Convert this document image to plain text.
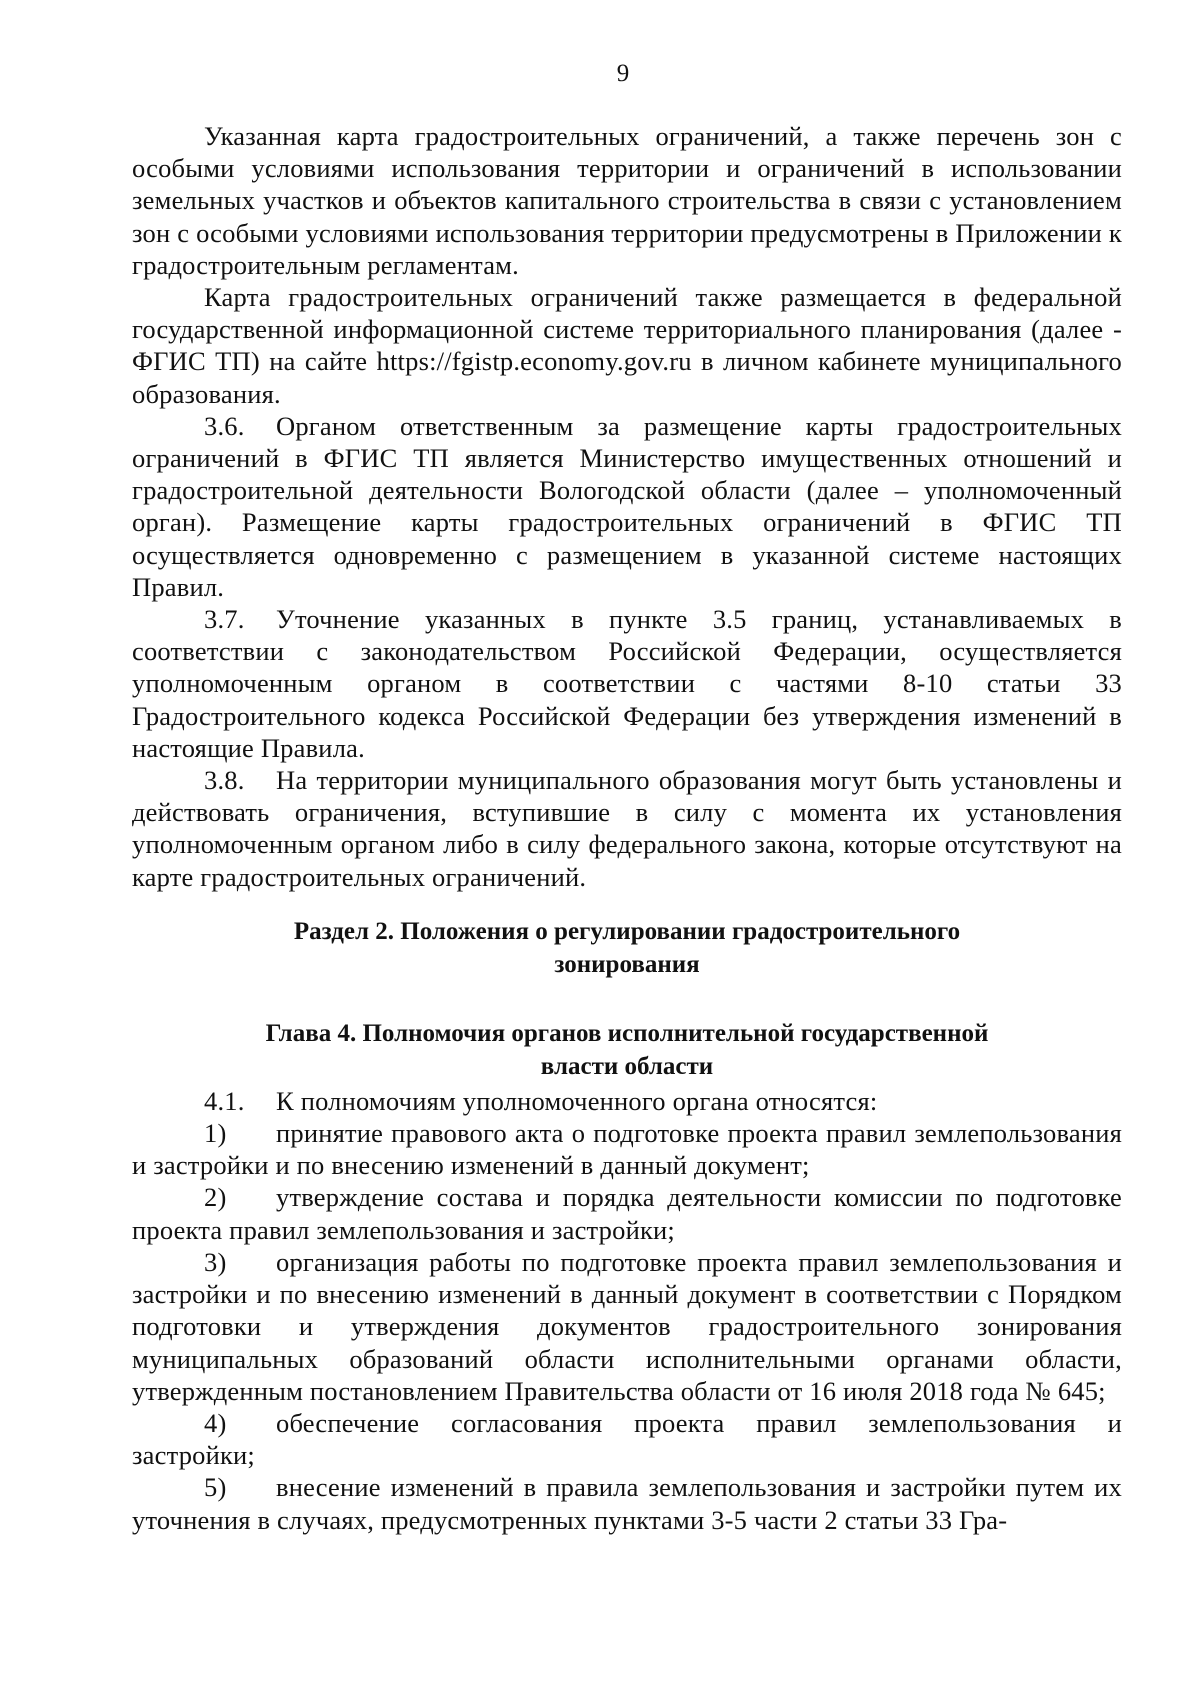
9

Указанная карта градостроительных ограничений, а также перечень зон с особыми условиями использования территории и ограничений в использовании земельных участков и объектов капитального строительства в связи с установлением зон с особыми условиями использования территории предусмотрены в Приложении к градостроительным регламентам.

Карта градостроительных ограничений также размещается в федеральной государственной информационной системе территориального планирования (далее - ФГИС ТП) на сайте https://fgistp.economy.gov.ru в личном кабинете муниципального образования.

3.6. Органом ответственным за размещение карты градостроительных ограничений в ФГИС ТП является Министерство имущественных отношений и градостроительной деятельности Вологодской области (далее – уполномоченный орган). Размещение карты градостроительных ограничений в ФГИС ТП осуществляется одновременно с размещением в указанной системе настоящих Правил.

3.7. Уточнение указанных в пункте 3.5 границ, устанавливаемых в соответствии с законодательством Российской Федерации, осуществляется уполномоченным органом в соответствии с частями 8-10 статьи 33 Градостроительного кодекса Российской Федерации без утверждения изменений в настоящие Правила.

3.8. На территории муниципального образования могут быть установлены и действовать ограничения, вступившие в силу с момента их установления уполномоченным органом либо в силу федерального закона, которые отсутствуют на карте градостроительных ограничений.

Раздел 2. Положения о регулировании градостроительного
зонирования
Глава 4. Полномочия органов исполнительной государственной
власти области

4.1. К полномочиям уполномоченного органа относятся:

1) принятие правового акта о подготовке проекта правил землепользования и застройки и по внесению изменений в данный документ;

2) утверждение состава и порядка деятельности комиссии по подготовке проекта правил землепользования и застройки;

3) организация работы по подготовке проекта правил землепользования и застройки и по внесению изменений в данный документ в соответствии с Порядком подготовки и утверждения документов градостроительного зонирования муниципальных образований области исполнительными органами области, утвержденным постановлением Правительства области от 16 июля 2018 года № 645;

4) обеспечение согласования проекта правил землепользования и застройки;

5) внесение изменений в правила землепользования и застройки путем их уточнения в случаях, предусмотренных пунктами 3-5 части 2 статьи 33 Гра-
